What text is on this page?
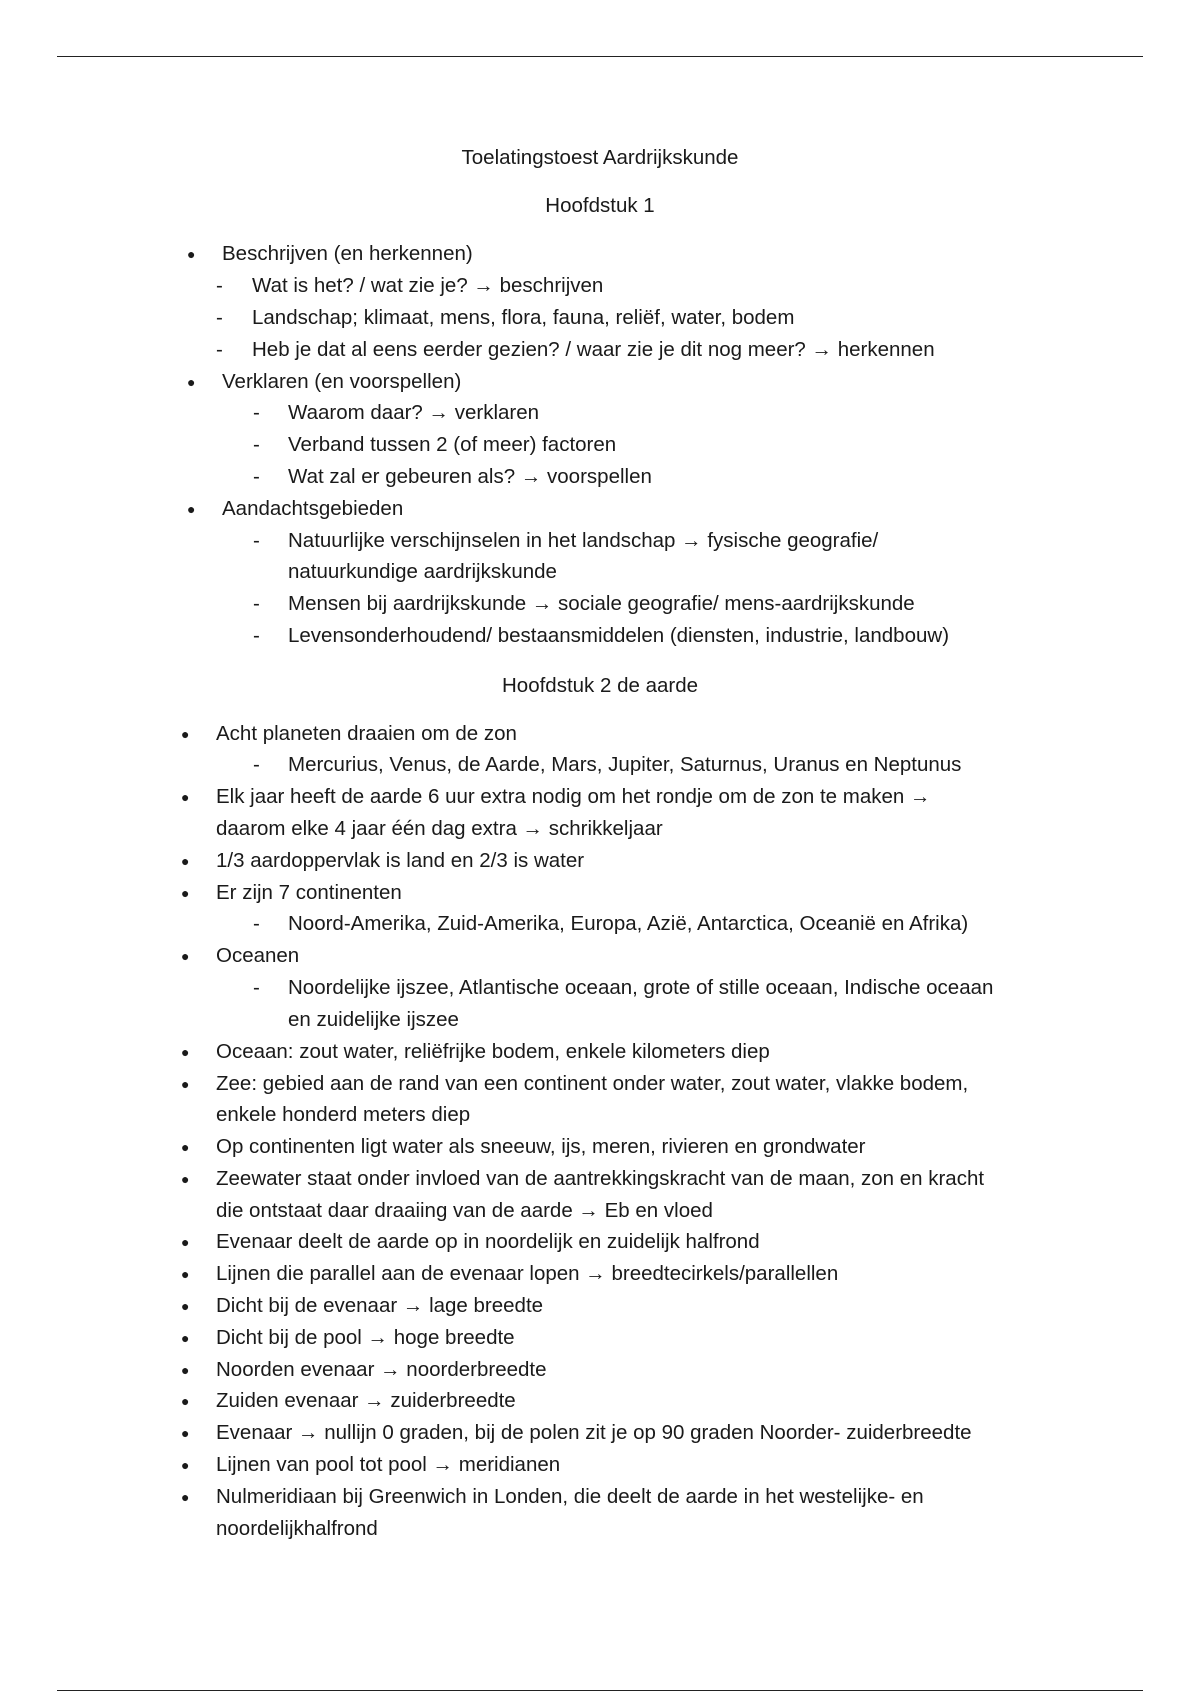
Toelatingstoest Aardrijkskunde
Hoofdstuk 1
● Beschrijven (en herkennen)
- Wat is het? / wat zie je? → beschrijven
- Landschap; klimaat, mens, flora, fauna, reliëf, water, bodem
- Heb je dat al eens eerder gezien? / waar zie je dit nog meer? → herkennen
● Verklaren (en voorspellen)
- Waarom daar? → verklaren
- Verband tussen 2 (of meer) factoren
- Wat zal er gebeuren als? → voorspellen
● Aandachtsgebieden
- Natuurlijke verschijnselen in het landschap → fysische geografie/
natuurkundige aardrijkskunde
- Mensen bij aardrijkskunde → sociale geografie/ mens-aardrijkskunde
- Levensonderhoudend/ bestaansmiddelen (diensten, industrie, landbouw)
Hoofdstuk 2 de aarde
● Acht planeten draaien om de zon
- Mercurius, Venus, de Aarde, Mars, Jupiter, Saturnus, Uranus en Neptunus
● Elk jaar heeft de aarde 6 uur extra nodig om het rondje om de zon te maken →
daarom elke 4 jaar één dag extra → schrikkeljaar
● 1/3 aardoppervlak is land en 2/3 is water
● Er zijn 7 continenten
- Noord-Amerika, Zuid-Amerika, Europa, Azië, Antarctica, Oceanië en Afrika)
● Oceanen
- Noordelijke ijszee, Atlantische oceaan, grote of stille oceaan, Indische oceaan
en zuidelijke ijszee
● Oceaan: zout water, reliëfrijke bodem, enkele kilometers diep
● Zee: gebied aan de rand van een continent onder water, zout water, vlakke bodem,
enkele honderd meters diep
● Op continenten ligt water als sneeuw, ijs, meren, rivieren en grondwater
● Zeewater staat onder invloed van de aantrekkingskracht van de maan, zon en kracht
die ontstaat daar draaiing van de aarde → Eb en vloed
● Evenaar deelt de aarde op in noordelijk en zuidelijk halfrond
● Lijnen die parallel aan de evenaar lopen → breedtecirkels/parallellen
● Dicht bij de evenaar → lage breedte
● Dicht bij de pool → hoge breedte
● Noorden evenaar → noorderbreedte
● Zuiden evenaar → zuiderbreedte
● Evenaar → nullijn 0 graden, bij de polen zit je op 90 graden Noorder- zuiderbreedte
● Lijnen van pool tot pool → meridianen
● Nulmeridiaan bij Greenwich in Londen, die deelt de aarde in het westelijke- en
noordelijkhalfrond
